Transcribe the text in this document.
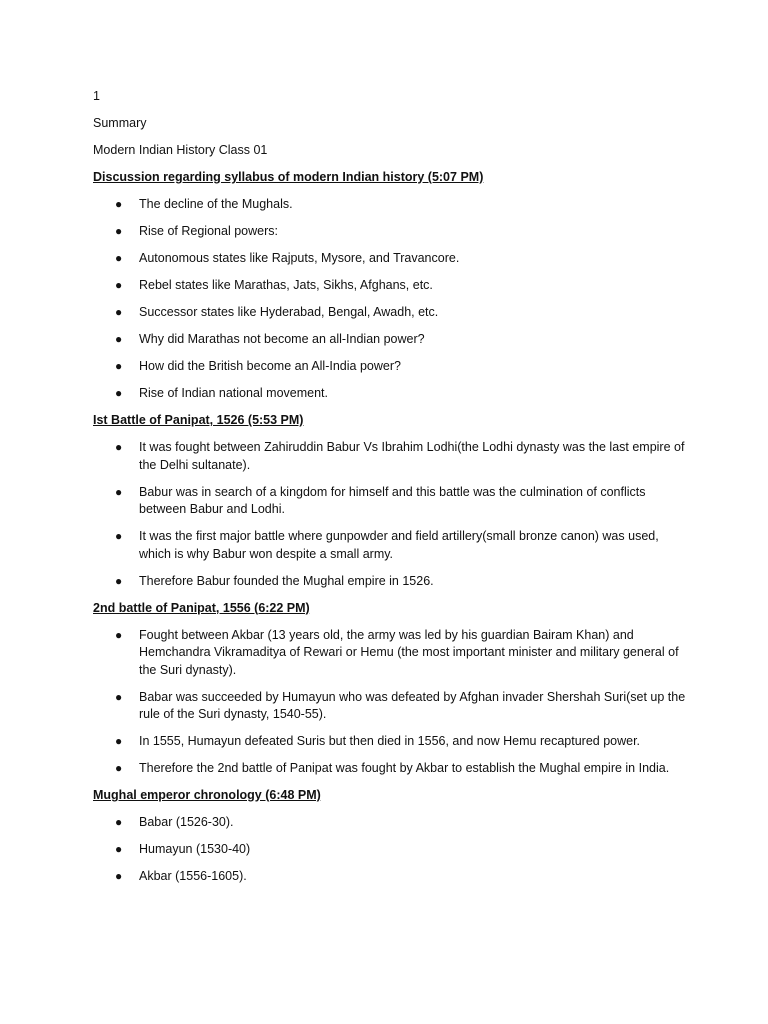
1
Summary
Modern Indian History Class 01
Discussion regarding syllabus of modern Indian history (5:07 PM)
●	The decline of the Mughals.
●	Rise of Regional powers:
●	Autonomous states like Rajputs, Mysore, and Travancore.
●	Rebel states like Marathas, Jats, Sikhs, Afghans, etc.
●	Successor states like Hyderabad, Bengal, Awadh, etc.
●	Why did Marathas not become an all-Indian power?
●	How did the British become an All-India power?
●	Rise of Indian national movement.
Ist Battle of Panipat, 1526 (5:53 PM)
●	It was fought between Zahiruddin Babur Vs Ibrahim Lodhi(the Lodhi dynasty was the last empire of the Delhi sultanate).
●	Babur was in search of a kingdom for himself and this battle was the culmination of conflicts between Babur and Lodhi.
●	It was the first major battle where gunpowder and field artillery(small bronze canon) was used, which is why Babur won despite a small army.
●	Therefore Babur founded the Mughal empire in 1526.
2nd battle of Panipat, 1556 (6:22 PM)
●	Fought between Akbar (13 years old, the army was led by his guardian Bairam Khan) and Hemchandra Vikramaditya of Rewari or Hemu (the most important minister and military general of the Suri dynasty).
●	Babar was succeeded by Humayun who was defeated by Afghan invader Shershah Suri(set up the rule of the Suri dynasty, 1540-55).
●	In 1555, Humayun defeated Suris but then died in 1556, and now Hemu recaptured power.
●	Therefore the 2nd battle of Panipat was fought by Akbar to establish the Mughal empire in India.
Mughal emperor chronology (6:48 PM)
●	Babar (1526-30).
●	Humayun (1530-40)
●	Akbar (1556-1605).
